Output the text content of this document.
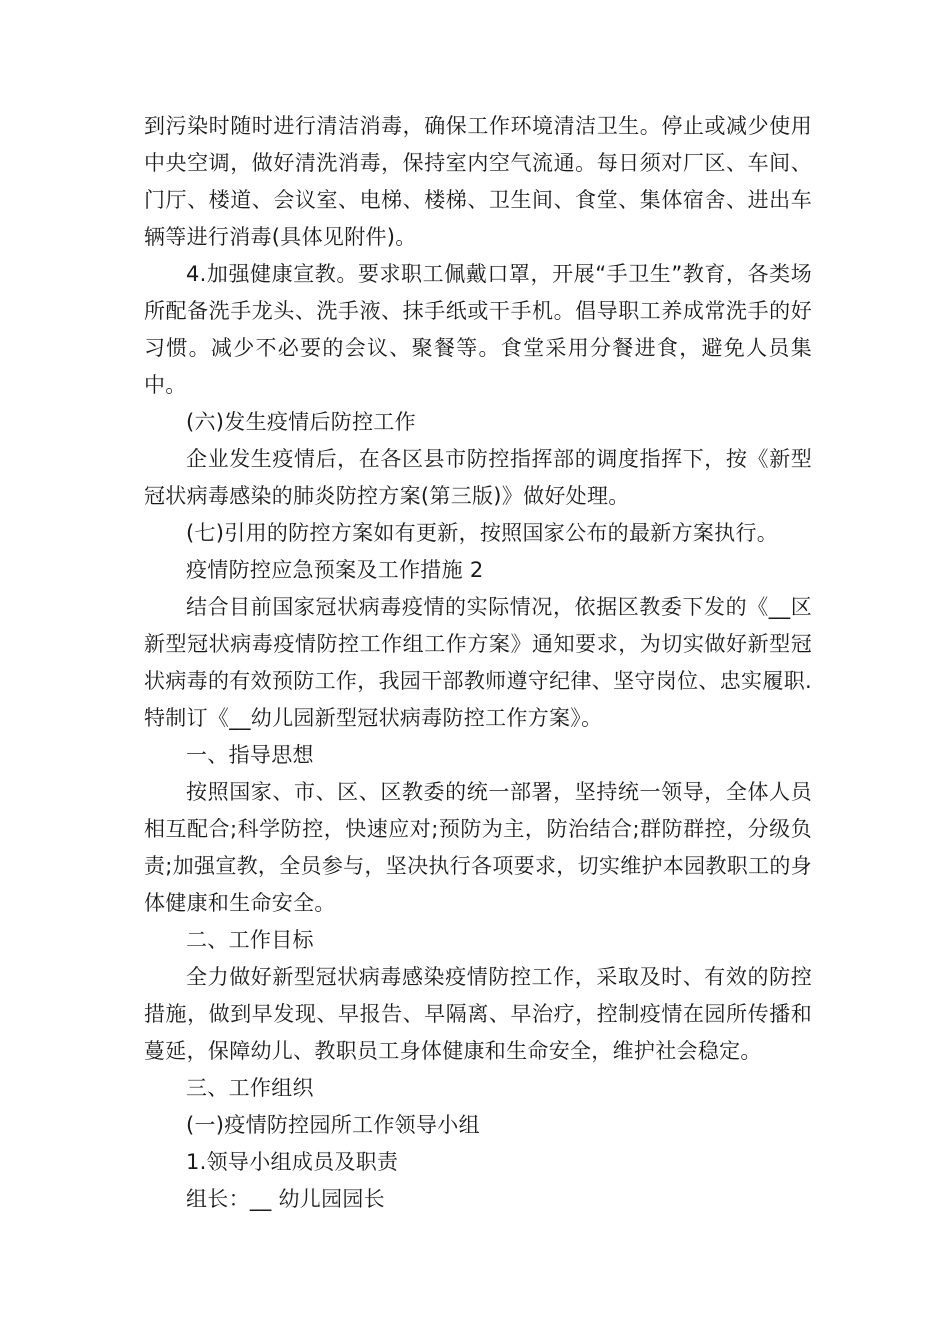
到污染时随时进行清洁消毒，确保工作环境清洁卫生。停止或减少使用中央空调，做好清洗消毒，保持室内空气流通。每日须对厂区、车间、门厅、楼道、会议室、电梯、楼梯、卫生间、食堂、集体宿舍、进出车辆等进行消毒(具体见附件)。

4.加强健康宣教。要求职工佩戴口罩，开展“手卫生”教育，各类场所配备洗手龙头、洗手液、抹手纸或干手机。倡导职工养成常洗手的好习惯。减少不必要的会议、聚餐等。食堂采用分餐进食，避免人员集中。

(六)发生疫情后防控工作

企业发生疫情后，在各区县市防控指挥部的调度指挥下，按《新型冠状病毒感染的肺炎防控方案(第三版)》做好处理。

(七)引用的防控方案如有更新，按照国家公布的最新方案执行。

疫情防控应急预案及工作措施 2

结合目前国家冠状病毒疫情的实际情况，依据区教委下发的《__区新型冠状病毒疫情防控工作组工作方案》通知要求，为切实做好新型冠状病毒的有效预防工作，我园干部教师遵守纪律、坚守岗位、忠实履职.特制订《__幼儿园新型冠状病毒防控工作方案》。

一、指导思想

按照国家、市、区、区教委的统一部署，坚持统一领导，全体人员相互配合;科学防控，快速应对;预防为主，防治结合;群防群控，分级负责;加强宣教，全员参与，坚决执行各项要求，切实维护本园教职工的身体健康和生命安全。

二、工作目标

全力做好新型冠状病毒感染疫情防控工作，采取及时、有效的防控措施，做到早发现、早报告、早隔离、早治疗，控制疫情在园所传播和蔓延，保障幼儿、教职员工身体健康和生命安全，维护社会稳定。

三、工作组织

(一)疫情防控园所工作领导小组

1.领导小组成员及职责

组长：__ 幼儿园园长
